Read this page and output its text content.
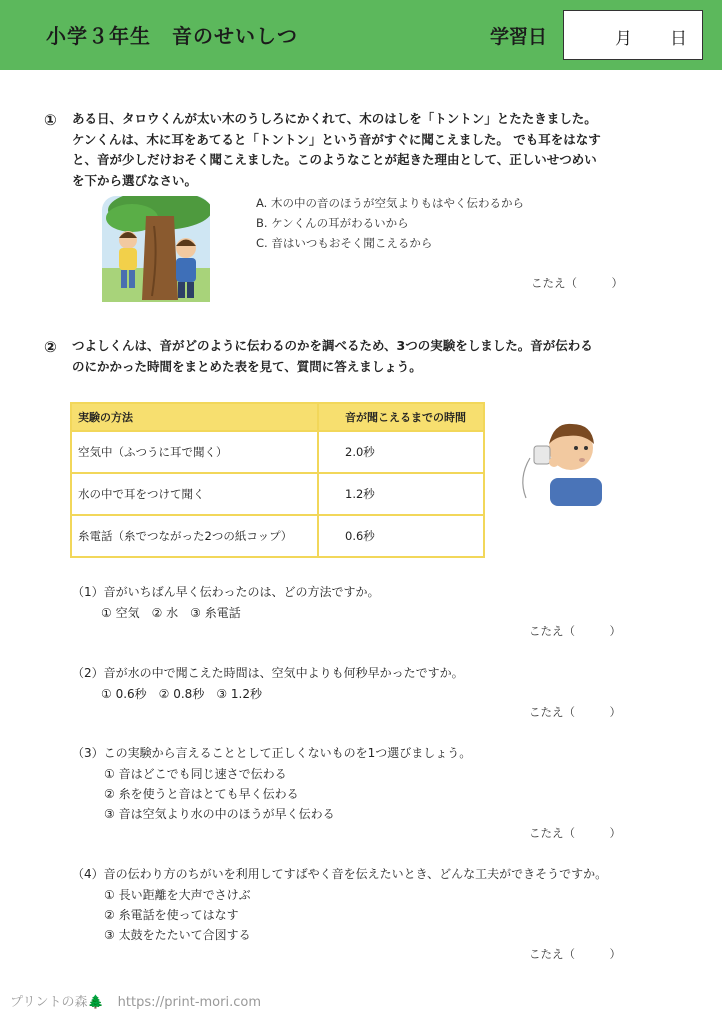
小学３年生　音のせいしつ	学習日	月 日
① ある日、タロウくんが太い木のうしろにかくれて、木のはしを「トントン」とたたきました。
ケンくんは、木に耳をあてると「トントン」という音がすぐに聞こえました。 でも耳をはなす
と、音が少しだけおそく聞こえました。このようなことが起きた理由として、正しいせつめい
を下から選びなさい。
A. 木の中の音のほうが空気よりもはやく伝わるから
B. ケンくんの耳がわるいから
C. 音はいつもおそく聞こえるから
こたえ（　　　）
② つよしくんは、音がどのように伝わるのかを調べるため、3つの実験をしました。音が伝わる
のにかかった時間をまとめた表を見て、質問に答えましょう。
実験の方法	音が聞こえるまでの時間
空気中（ふつうに耳で聞く）	2.0秒
水の中で耳をつけて聞く	1.2秒
糸電話（糸でつながった2つの紙コップ）	0.6秒
（1）音がいちばん早く伝わったのは、どの方法ですか。
① 空気　② 水　③ 糸電話
こたえ（　　　）
（2）音が水の中で聞こえた時間は、空気中よりも何秒早かったですか。
① 0.6秒　② 0.8秒　③ 1.2秒
こたえ（　　　）
（3）この実験から言えることとして正しくないものを1つ選びましょう。
① 音はどこでも同じ速さで伝わる
② 糸を使うと音はとても早く伝わる
③ 音は空気より水の中のほうが早く伝わる
こたえ（　　　）
（4）音の伝わり方のちがいを利用してすばやく音を伝えたいとき、どんな工夫ができそうですか。
① 長い距離を大声でさけぶ
② 糸電話を使ってはなす
③ 太鼓をたたいて合図する
こたえ（　　　）
プリントの森🌲 https://print-mori.com
